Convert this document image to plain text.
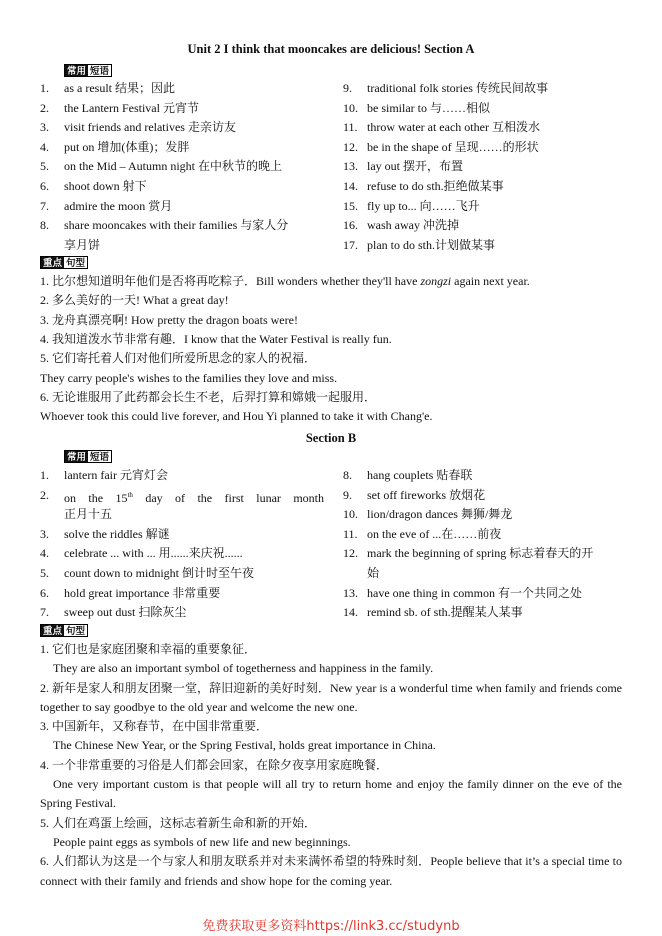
Unit 2 I think that mooncakes are delicious! Section A
常用 短语
1. as a result 结果；因此
2. the Lantern Festival 元宵节
3. visit friends and relatives 走亲访友
4. put on 增加(体重)；发胖
5. on the Mid – Autumn night 在中秋节的晚上
6. shoot down 射下
7. admire the moon 赏月
8. share mooncakes with their families 与家人分
享月饼
9. traditional folk stories 传统民间故事
10. be similar to 与……相似
11. throw water at each other 互相泼水
12. be in the shape of 呈现……的形状
13. lay out 摆开，布置
14. refuse to do sth.拒绝做某事
15. fly up to... 向……飞升
16. wash away 冲洗掉
17. plan to do sth.计划做某事
重点 句型
1. 比尔想知道明年他们是否将再吃粽子．Bill wonders whether they'll have zongzi again next year.
2. 多么美好的一天! What a great day!
3. 龙舟真漂亮啊! How pretty the dragon boats were!
4. 我知道泼水节非常有趣．I know that the Water Festival is really fun.
5. 它们寄托着人们对他们所爱所思念的家人的祝福．
They carry people's wishes to the families they love and miss.
6. 无论谁服用了此药都会长生不老，后羿打算和嫦娥一起服用．
Whoever took this could live forever, and Hou Yi planned to take it with Chang'e.
Section B
常用 短语
1. lantern fair 元宵灯会
2. on the 15th day of the first lunar month
正月十五
3. solve the riddles 解谜
4. celebrate ... with ... 用......来庆祝......
5. count down to midnight 倒计时至午夜
6. hold great importance 非常重要
7. sweep out dust 扫除灰尘
8. hang couplets 贴春联
9. set off fireworks 放烟花
10. lion/dragon dances 舞狮/舞龙
11. on the eve of ...在……前夜
12. mark the beginning of spring 标志着春天的开
始
13. have one thing in common 有一个共同之处
14. remind sb. of sth.提醒某人某事
重点 句型
1. 它们也是家庭团聚和幸福的重要象征．
They are also an important symbol of togetherness and happiness in the family.
2. 新年是家人和朋友团聚一堂，辞旧迎新的美好时刻．New year is a wonderful time when family and friends come together to say goodbye to the old year and welcome the new one.
3. 中国新年，又称春节，在中国非常重要．
The Chinese New Year, or the Spring Festival, holds great importance in China.
4. 一个非常重要的习俗是人们都会回家，在除夕夜享用家庭晚餐．
One very important custom is that people will all try to return home and enjoy the family dinner on the eve of the Spring Festival.
5. 人们在鸡蛋上绘画，这标志着新生命和新的开始．
People paint eggs as symbols of new life and new beginnings.
6. 人们都认为这是一个与家人和朋友联系并对未来满怀希望的特殊时刻．People believe that it’s a special time to connect with their family and friends and show hope for the coming year.
免费获取更多资料https://link3.cc/studynb
